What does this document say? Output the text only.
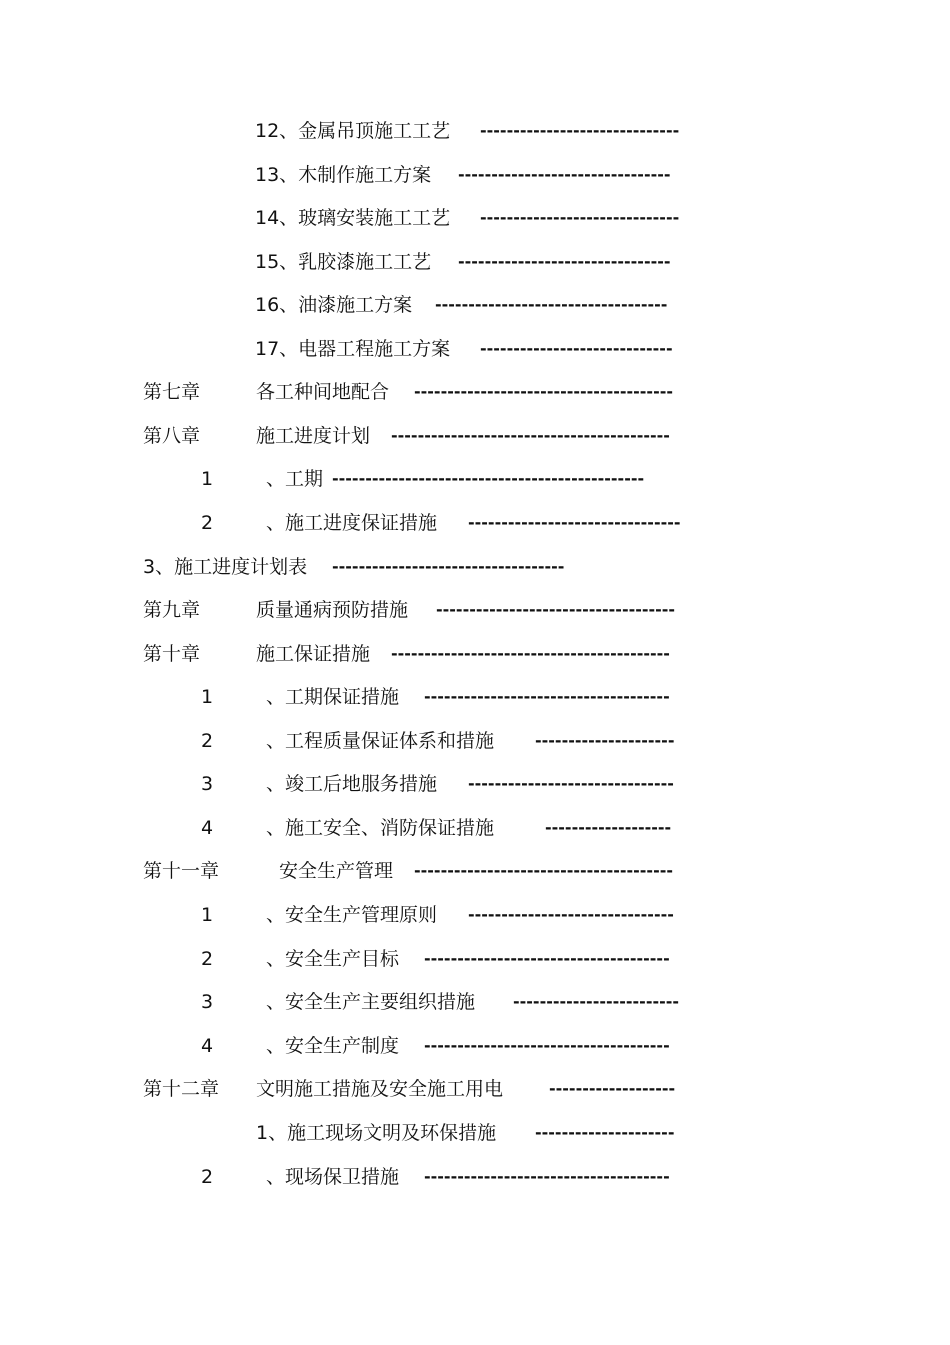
12、金属吊顶施工工艺 ------------------------------
13、木制作施工方案 --------------------------------
14、玻璃安装施工工艺 ------------------------------
15、乳胶漆施工工艺 --------------------------------
16、油漆施工方案 -----------------------------------
17、电器工程施工方案 -----------------------------
第七章	各工种间地配合 ---------------------------------------
第八章	施工进度计划 ------------------------------------------
1	、工期 -----------------------------------------------
2	、施工进度保证措施 --------------------------------
3、施工进度计划表 -----------------------------------
第九章	质量通病预防措施 ------------------------------------
第十章	施工保证措施 ------------------------------------------
1	、工期保证措施 -------------------------------------
2	、工程质量保证体系和措施	---------------------
3	、竣工后地服务措施 -------------------------------
4	、施工安全、消防保证措施	-------------------
第十一章	安全生产管理 ---------------------------------------
1	、安全生产管理原则 -------------------------------
2	、安全生产目标 -------------------------------------
3	、安全生产主要组织措施 -------------------------
4	、安全生产制度 -------------------------------------
第十二章 文明施工措施及安全施工用电	-------------------
1、施工现场文明及环保措施 ---------------------
2	、现场保卫措施 -------------------------------------
